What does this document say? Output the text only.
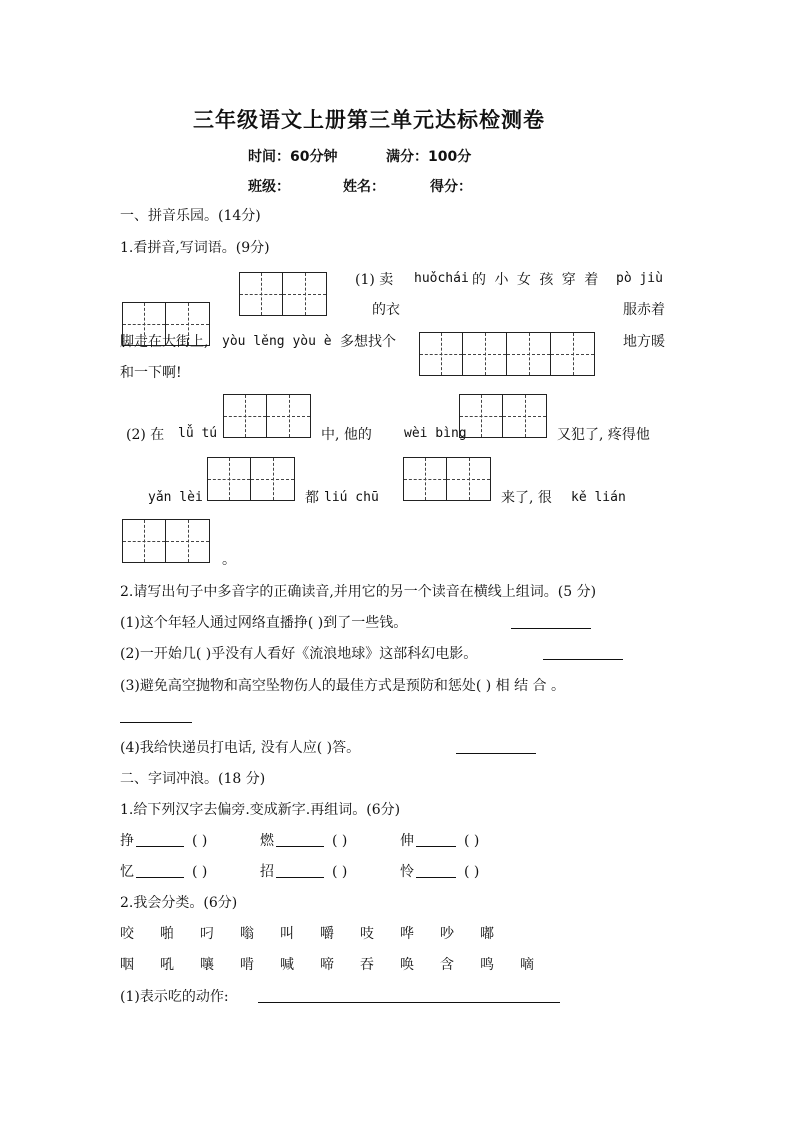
三年级语文上册第三单元达标检测卷
时间：60分钟	满分：100分
班级：	姓名：	得分：
一、拼音乐园。(14分)
1.看拼音,写词语。(9分)
(1) 卖 huǒchái 的 小 女 孩 穿 着 pò jiù
的衣	服赤着
脚走在大街上, yòu lěng yòu è 多想找个	地方暖
和一下啊!
(2) 在 lǚ tú	中, 他的 wèi bìng	又犯了, 疼得他
yǎn lèi	都 liú chū	来了, 很 kě lián
。
2.请写出句子中多音字的正确读音,并用它的另一个读音在横线上组词。(5 分)
(1)这个年轻人通过网络直播挣( )到了一些钱。
(2)一开始几( )乎没有人看好《流浪地球》这部科幻电影。
(3)避免高空抛物和高空坠物伤人的最佳方式是预防和惩处( ) 相 结 合 。
(4)我给快递员打电话, 没有人应( )答。
二、字词冲浪。(18 分)
1.给下列汉字去偏旁.变成新字.再组词。(6分)
挣	( )	燃	( )	伸	( )
忆	( )	招	( )	怜	( )
2.我会分类。(6分)
咬 啪 叼 嗡 叫 嚼 吱 哗 吵 嘟
咽 吼 嚷 啃 喊 啼 吞 唤 含 鸣 嘀
(1)表示吃的动作:
